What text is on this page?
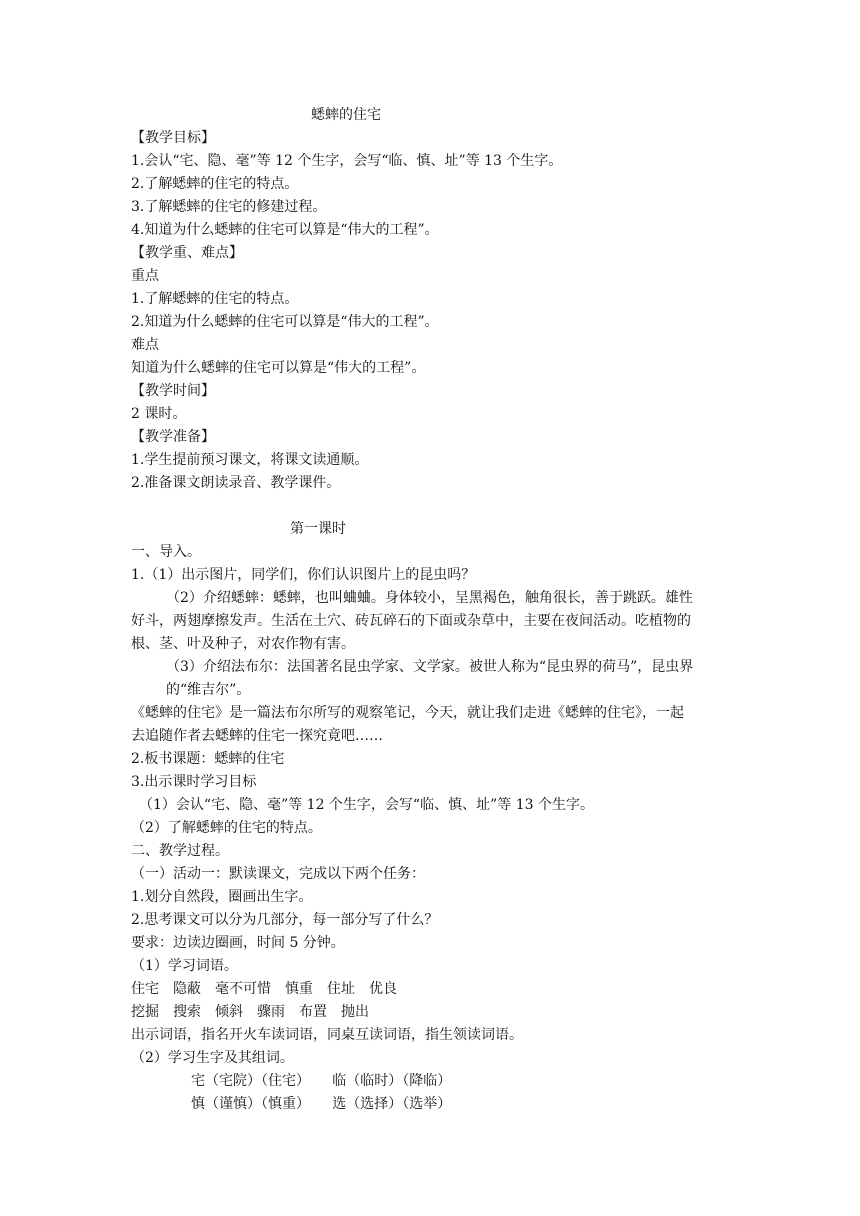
蟋蟀的住宅
【教学目标】
1.会认“宅、隐、毫”等 12 个生字，会写“临、慎、址”等 13 个生字。
2.了解蟋蟀的住宅的特点。
3.了解蟋蟀的住宅的修建过程。
4.知道为什么蟋蟀的住宅可以算是“伟大的工程”。
【教学重、难点】
重点
1.了解蟋蟀的住宅的特点。
2.知道为什么蟋蟀的住宅可以算是“伟大的工程”。
难点
知道为什么蟋蟀的住宅可以算是“伟大的工程”。
【教学时间】
2 课时。
【教学准备】
1.学生提前预习课文，将课文读通顺。
2.准备课文朗读录音、教学课件。
第一课时
一、导入。
1.（1）出示图片，同学们，你们认识图片上的昆虫吗？
（2）介绍蟋蟀：蟋蟀，也叫蛐蛐。身体较小，呈黑褐色，触角很长，善于跳跃。雄性
好斗，两翅摩擦发声。生活在土穴、砖瓦碎石的下面或杂草中，主要在夜间活动。吃植物的
根、茎、叶及种子，对农作物有害。
（3）介绍法布尔：法国著名昆虫学家、文学家。被世人称为“昆虫界的荷马”，昆虫界
的“维吉尔”。
《蟋蟀的住宅》是一篇法布尔所写的观察笔记，今天，就让我们走进《蟋蟀的住宅》，一起
去追随作者去蟋蟀的住宅一探究竟吧……
2.板书课题：蟋蟀的住宅
3.出示课时学习目标
（1）会认“宅、隐、毫”等 12 个生字，会写“临、慎、址”等 13 个生字。
（2）了解蟋蟀的住宅的特点。
二、教学过程。
（一）活动一：默读课文，完成以下两个任务：
1.划分自然段，圈画出生字。
2.思考课文可以分为几部分，每一部分写了什么？
要求：边读边圈画，时间 5 分钟。
（1）学习词语。
住宅 隐蔽 毫不可惜 慎重 住址 优良
挖掘 搜索 倾斜 骤雨 布置 抛出
出示词语，指名开火车读词语，同桌互读词语，指生领读词语。
（2）学习生字及其组词。
宅（宅院）（住宅）     临（临时）（降临）
慎（谨慎）（慎重）     选（选择）（选举）
